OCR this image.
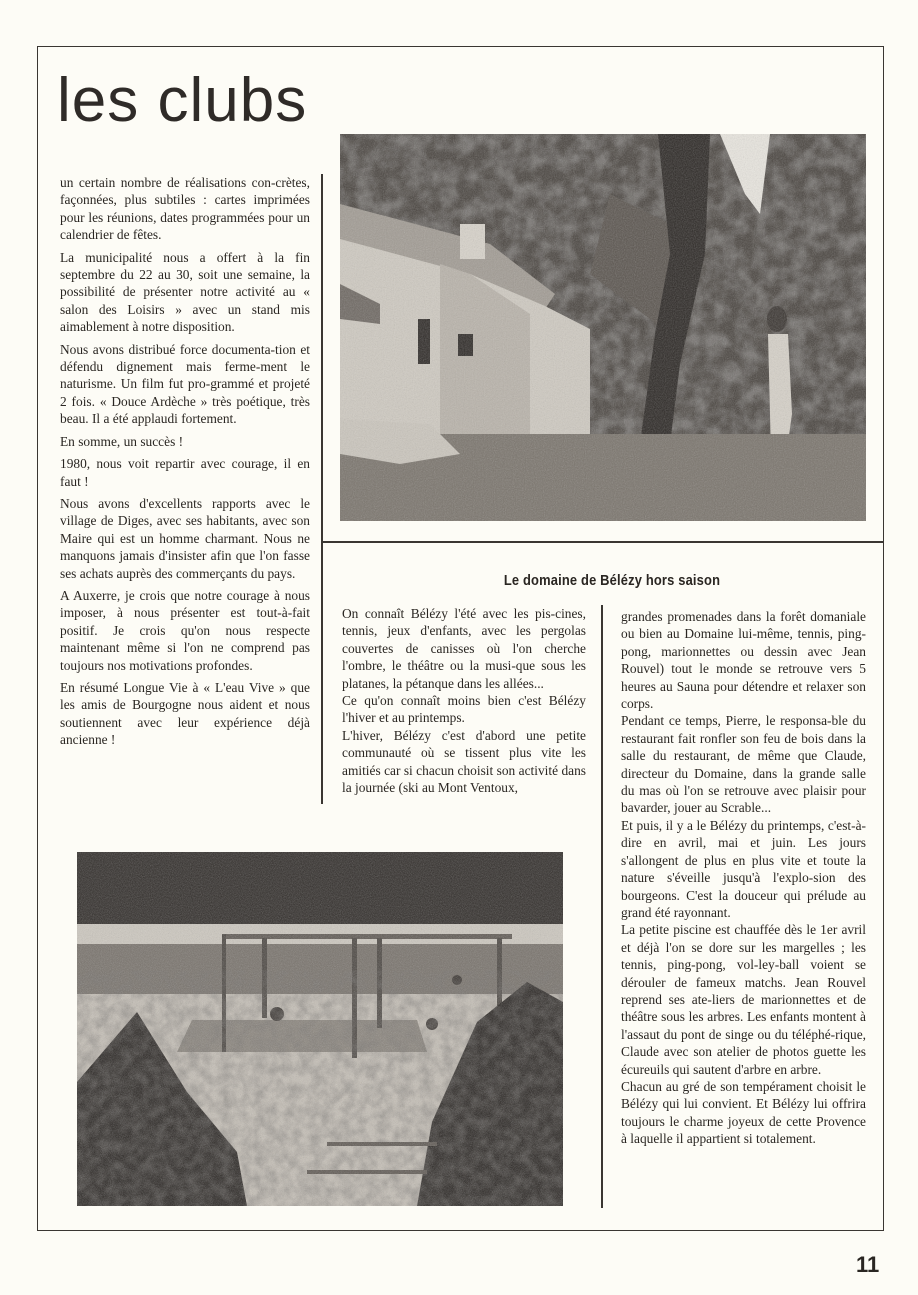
les clubs

un certain nombre de réalisations con-crètes, façonnées, plus subtiles : cartes imprimées pour les réunions, dates programmées pour un calendrier de fêtes.

La municipalité nous a offert à la fin septembre du 22 au 30, soit une semaine, la possibilité de présenter notre activité au « salon des Loisirs » avec un stand mis aimablement à notre disposition.

Nous avons distribué force documenta-tion et défendu dignement mais ferme-ment le naturisme. Un film fut pro-grammé et projeté 2 fois. « Douce Ardèche » très poétique, très beau. Il a été applaudi fortement.

En somme, un succès !

1980, nous voit repartir avec courage, il en faut !

Nous avons d'excellents rapports avec le village de Diges, avec ses habitants, avec son Maire qui est un homme charmant. Nous ne manquons jamais d'insister afin que l'on fasse ses achats auprès des commerçants du pays.

A Auxerre, je crois que notre courage à nous imposer, à nous présenter est tout-à-fait positif. Je crois qu'on nous respecte maintenant même si l'on ne comprend pas toujours nos motivations profondes.

En résumé Longue Vie à « L'eau Vive » que les amis de Bourgogne nous aident et nous soutiennent avec leur expérience déjà ancienne !

Le domaine de Bélézy hors saison

On connaît Bélézy l'été avec les pis-cines, tennis, jeux d'enfants, avec les pergolas couvertes de canisses où l'on cherche l'ombre, le théâtre ou la musi-que sous les platanes, la pétanque dans les allées...

Ce qu'on connaît moins bien c'est Bélézy l'hiver et au printemps.

L'hiver, Bélézy c'est d'abord une petite communauté où se tissent plus vite les amitiés car si chacun choisit son activité dans la journée (ski au Mont Ventoux,

grandes promenades dans la forêt domaniale ou bien au Domaine lui-même, tennis, ping-pong, marionnettes ou dessin avec Jean Rouvel) tout le monde se retrouve vers 5 heures au Sauna pour détendre et relaxer son corps.

Pendant ce temps, Pierre, le responsa-ble du restaurant fait ronfler son feu de bois dans la salle du restaurant, de même que Claude, directeur du Domaine, dans la grande salle du mas où l'on se retrouve avec plaisir pour bavarder, jouer au Scrable...

Et puis, il y a le Bélézy du printemps, c'est-à-dire en avril, mai et juin. Les jours s'allongent de plus en plus vite et toute la nature s'éveille jusqu'à l'explo-sion des bourgeons. C'est la douceur qui prélude au grand été rayonnant.

La petite piscine est chauffée dès le 1er avril et déjà l'on se dore sur les margelles ; les tennis, ping-pong, vol-ley-ball voient se dérouler de fameux matchs. Jean Rouvel reprend ses ate-liers de marionnettes et de théâtre sous les arbres. Les enfants montent à l'assaut du pont de singe ou du téléphé-rique, Claude avec son atelier de photos guette les écureuils qui sautent d'arbre en arbre.

Chacun au gré de son tempérament choisit le Bélézy qui lui convient. Et Bélézy lui offrira toujours le charme joyeux de cette Provence à laquelle il appartient si totalement.

11
